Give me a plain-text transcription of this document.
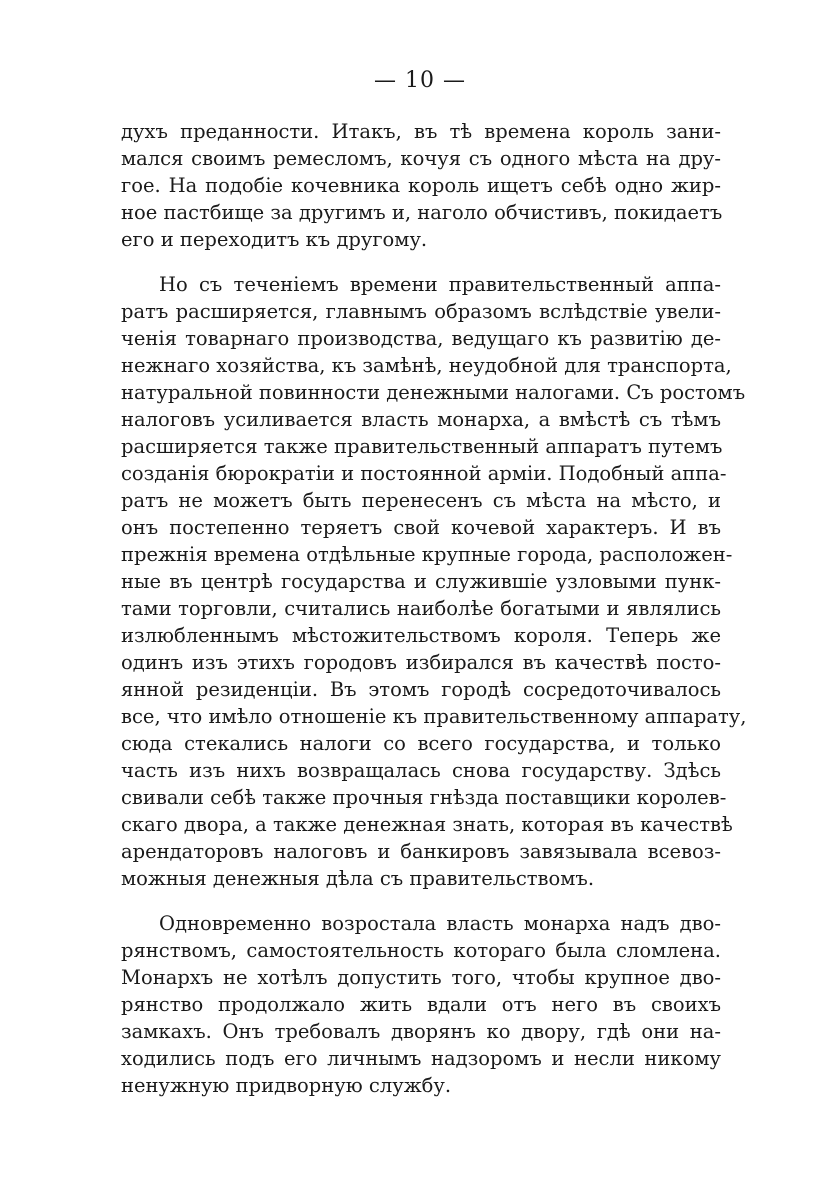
— 10 —
духъ преданности. Итакъ, въ тѣ времена король зани-
мался своимъ ремесломъ, кочуя съ одного мѣста на дру-
гое. На подобіе кочевника король ищетъ себѣ одно жир-
ное пастбище за другимъ и, наголо обчистивъ, покидаетъ
его и переходитъ къ другому.
Но съ теченіемъ времени правительственный аппа-
ратъ расширяется, главнымъ образомъ вслѣдствіе увели-
ченія товарнаго производства, ведущаго къ развитію де-
нежнаго хозяйства, къ замѣнѣ, неудобной для транспорта,
натуральной повинности денежными налогами. Съ ростомъ
налоговъ усиливается власть монарха, а вмѣстѣ съ тѣмъ
расширяется также правительственный аппаратъ путемъ
созданія бюрократіи и постоянной арміи. Подобный аппа-
ратъ не можетъ быть перенесенъ съ мѣста на мѣсто, и
онъ постепенно теряетъ свой кочевой характеръ. И въ
прежнія времена отдѣльные крупные города, расположен-
ные въ центрѣ государства и служившіе узловыми пунк-
тами торговли, считались наиболѣе богатыми и являлись
излюбленнымъ мѣстожительствомъ короля. Теперь же
одинъ изъ этихъ городовъ избирался въ качествѣ посто-
янной резиденціи. Въ этомъ городѣ сосредоточивалось
все, что имѣло отношеніе къ правительственному аппарату,
сюда стекались налоги со всего государства, и только
часть изъ нихъ возвращалась снова государству. Здѣсь
свивали себѣ также прочныя гнѣзда поставщики королев-
скаго двора, а также денежная знать, которая въ качествѣ
арендаторовъ налоговъ и банкировъ завязывала всевоз-
можныя денежныя дѣла съ правительствомъ.
Одновременно возростала власть монарха надъ дво-
рянствомъ, самостоятельность котораго была сломлена.
Монархъ не хотѣлъ допустить того, чтобы крупное дво-
рянство продолжало жить вдали отъ него въ своихъ
замкахъ. Онъ требовалъ дворянъ ко двору, гдѣ они на-
ходились подъ его личнымъ надзоромъ и несли никому
ненужную придворную службу.
